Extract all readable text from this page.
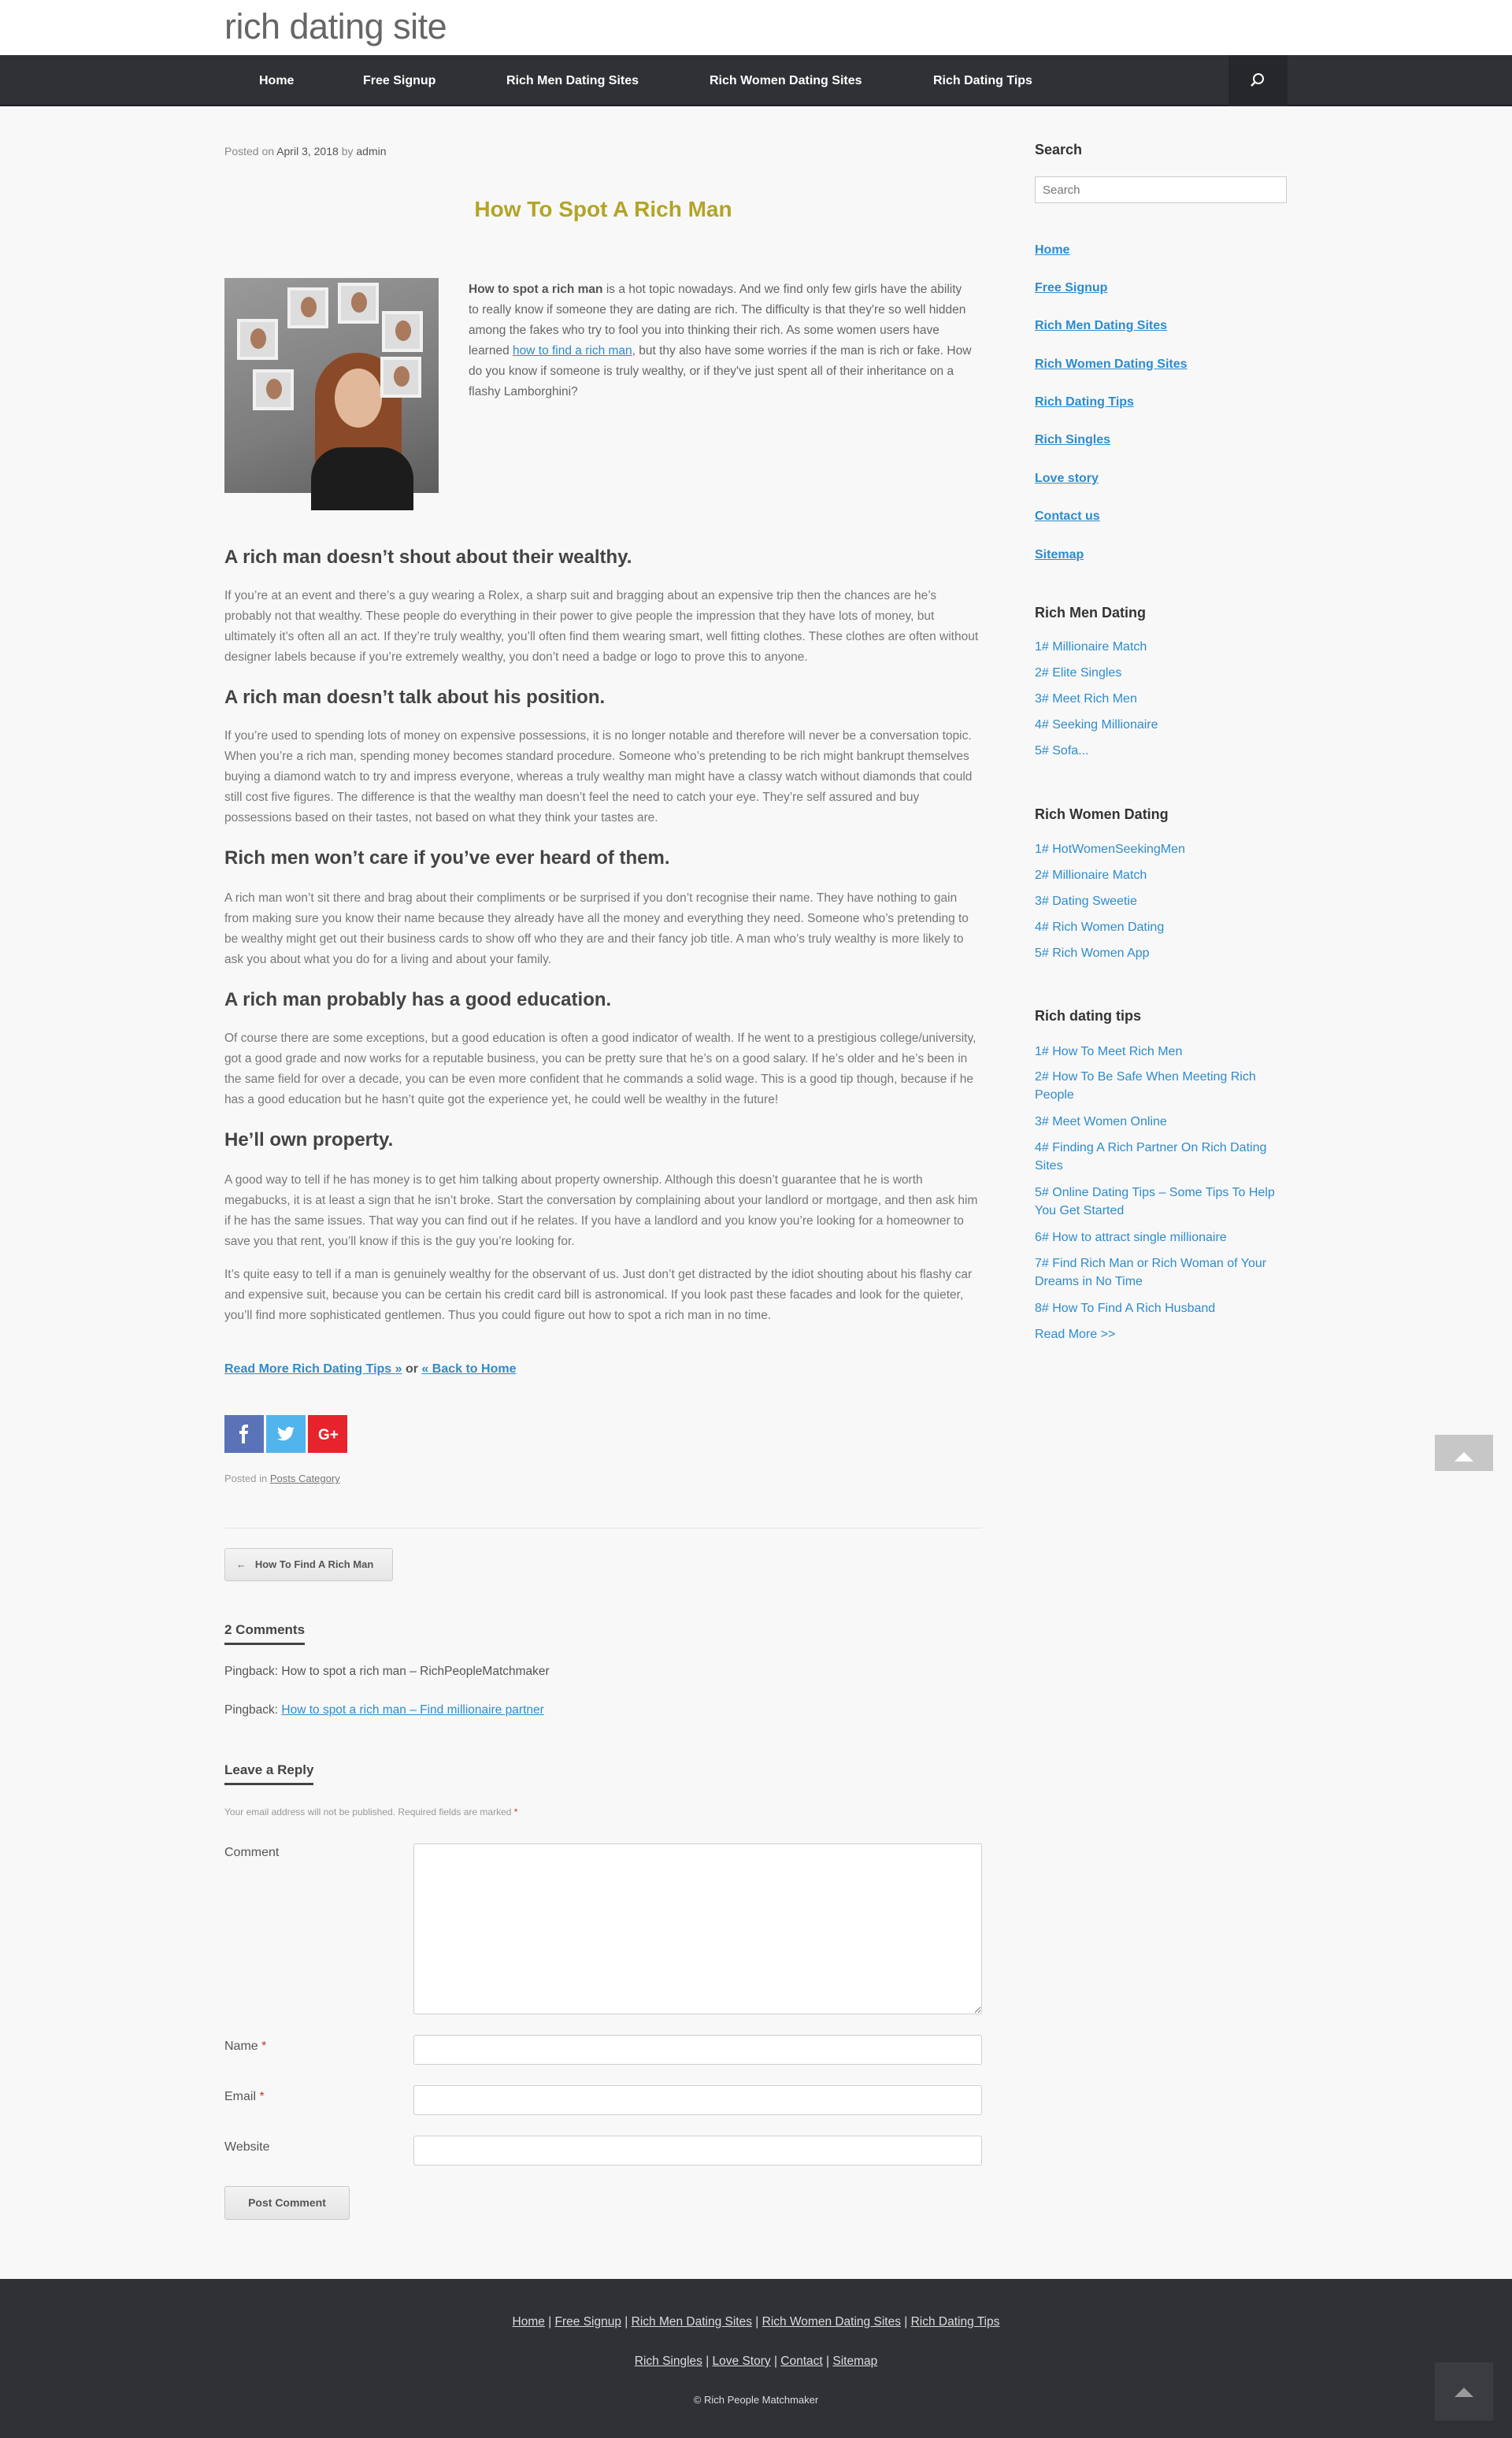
rich dating site
Home	Free Signup	Rich Men Dating Sites	Rich Women Dating Sites	Rich Dating Tips
Posted on April 3, 2018 by admin
How To Spot A Rich Man

How to spot a rich man is a hot topic nowadays. And we find only few girls have the ability to really know if someone they are dating are rich. The difficulty is that they're so well hidden among the fakes who try to fool you into thinking their rich. As some women users have learned how to find a rich man, but thy also have some worries if the man is rich or fake. How do you know if someone is truly wealthy, or if they've just spent all of their inheritance on a flashy Lamborghini?

A rich man doesn’t shout about their wealthy.

If you’re at an event and there’s a guy wearing a Rolex, a sharp suit and bragging about an expensive trip then the chances are he’s probably not that wealthy. These people do everything in their power to give people the impression that they have lots of money, but ultimately it’s often all an act. If they’re truly wealthy, you’ll often find them wearing smart, well fitting clothes. These clothes are often without designer labels because if you’re extremely wealthy, you don’t need a badge or logo to prove this to anyone.

A rich man doesn’t talk about his position.

If you’re used to spending lots of money on expensive possessions, it is no longer notable and therefore will never be a conversation topic. When you’re a rich man, spending money becomes standard procedure. Someone who’s pretending to be rich might bankrupt themselves buying a diamond watch to try and impress everyone, whereas a truly wealthy man might have a classy watch without diamonds that could still cost five figures. The difference is that the wealthy man doesn’t feel the need to catch your eye. They’re self assured and buy possessions based on their tastes, not based on what they think your tastes are.

Rich men won’t care if you’ve ever heard of them.

A rich man won’t sit there and brag about their compliments or be surprised if you don’t recognise their name. They have nothing to gain from making sure you know their name because they already have all the money and everything they need. Someone who’s pretending to be wealthy might get out their business cards to show off who they are and their fancy job title. A man who’s truly wealthy is more likely to ask you about what you do for a living and about your family.

A rich man probably has a good education.

Of course there are some exceptions, but a good education is often a good indicator of wealth. If he went to a prestigious college/university, got a good grade and now works for a reputable business, you can be pretty sure that he’s on a good salary. If he’s older and he’s been in the same field for over a decade, you can be even more confident that he commands a solid wage. This is a good tip though, because if he has a good education but he hasn’t quite got the experience yet, he could well be wealthy in the future!

He’ll own property.

A good way to tell if he has money is to get him talking about property ownership. Although this doesn’t guarantee that he is worth megabucks, it is at least a sign that he isn’t broke. Start the conversation by complaining about your landlord or mortgage, and then ask him if he has the same issues. That way you can find out if he relates. If you have a landlord and you know you’re looking for a homeowner to save you that rent, you’ll know if this is the guy you’re looking for.

It’s quite easy to tell if a man is genuinely wealthy for the observant of us. Just don’t get distracted by the idiot shouting about his flashy car and expensive suit, because you can be certain his credit card bill is astronomical. If you look past these facades and look for the quieter, you’ll find more sophisticated gentlemen. Thus you could figure out how to spot a rich man in no time.

Read More Rich Dating Tips » or « Back to Home
G+
Posted in Posts Category
← How To Find A Rich Man
2 Comments
Pingback: How to spot a rich man – RichPeopleMatchmaker
Pingback: How to spot a rich man – Find millionaire partner
Leave a Reply
Your email address will not be published. Required fields are marked *
Comment
Name *
Email *
Website
Post Comment
Search
Search
Home
Free Signup
Rich Men Dating Sites
Rich Women Dating Sites
Rich Dating Tips
Rich Singles
Love story
Contact us
Sitemap
Rich Men Dating
1# Millionaire Match
2# Elite Singles
3# Meet Rich Men
4# Seeking Millionaire
5# Sofa...
Rich Women Dating
1# HotWomenSeekingMen
2# Millionaire Match
3# Dating Sweetie
4# Rich Women Dating
5# Rich Women App
Rich dating tips
1# How To Meet Rich Men
2# How To Be Safe When Meeting Rich People
3# Meet Women Online
4# Finding A Rich Partner On Rich Dating Sites
5# Online Dating Tips – Some Tips To Help You Get Started
6# How to attract single millionaire
7# Find Rich Man or Rich Woman of Your Dreams in No Time
8# How To Find A Rich Husband
Read More >>
Home | Free Signup | Rich Men Dating Sites | Rich Women Dating Sites | Rich Dating Tips
Rich Singles | Love Story | Contact | Sitemap
© Rich People Matchmaker
